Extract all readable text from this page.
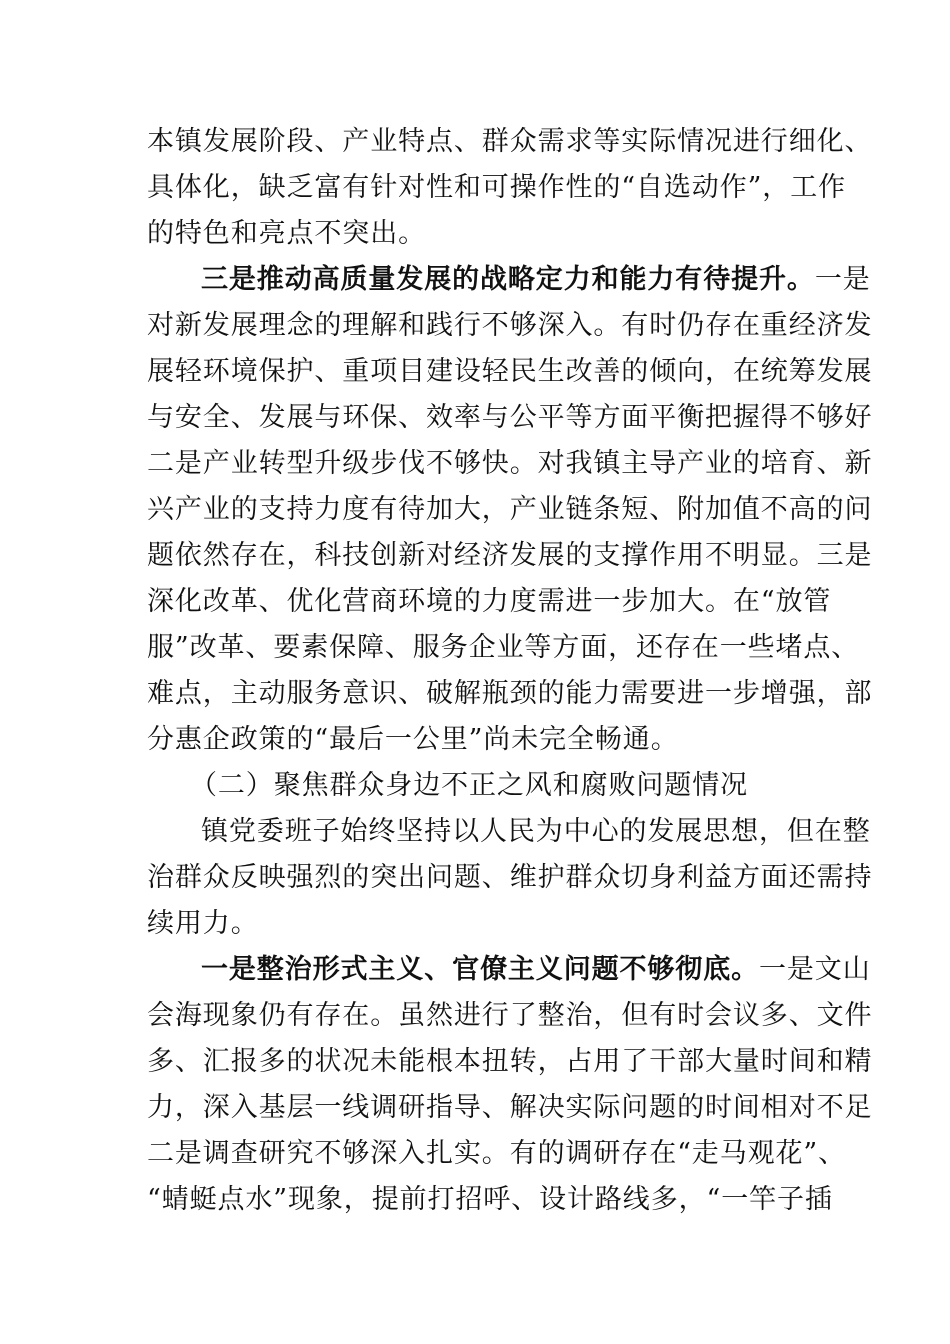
本镇发展阶段、产业特点、群众需求等实际情况进行细化、
具体化，缺乏富有针对性和可操作性的“自选动作”，工作
的特色和亮点不突出。
三是推动高质量发展的战略定力和能力有待提升。一是
对新发展理念的理解和践行不够深入。有时仍存在重经济发
展轻环境保护、重项目建设轻民生改善的倾向，在统筹发展
与安全、发展与环保、效率与公平等方面平衡把握得不够好
二是产业转型升级步伐不够快。对我镇主导产业的培育、新
兴产业的支持力度有待加大，产业链条短、附加值不高的问
题依然存在，科技创新对经济发展的支撑作用不明显。三是
深化改革、优化营商环境的力度需进一步加大。在“放管
服”改革、要素保障、服务企业等方面，还存在一些堵点、
难点，主动服务意识、破解瓶颈的能力需要进一步增强，部
分惠企政策的“最后一公里”尚未完全畅通。
（二）聚焦群众身边不正之风和腐败问题情况
镇党委班子始终坚持以人民为中心的发展思想，但在整
治群众反映强烈的突出问题、维护群众切身利益方面还需持
续用力。
一是整治形式主义、官僚主义问题不够彻底。一是文山
会海现象仍有存在。虽然进行了整治，但有时会议多、文件
多、汇报多的状况未能根本扭转，占用了干部大量时间和精
力，深入基层一线调研指导、解决实际问题的时间相对不足
二是调查研究不够深入扎实。有的调研存在“走马观花”、
“蜻蜓点水”现象，提前打招呼、设计路线多，“一竿子插
